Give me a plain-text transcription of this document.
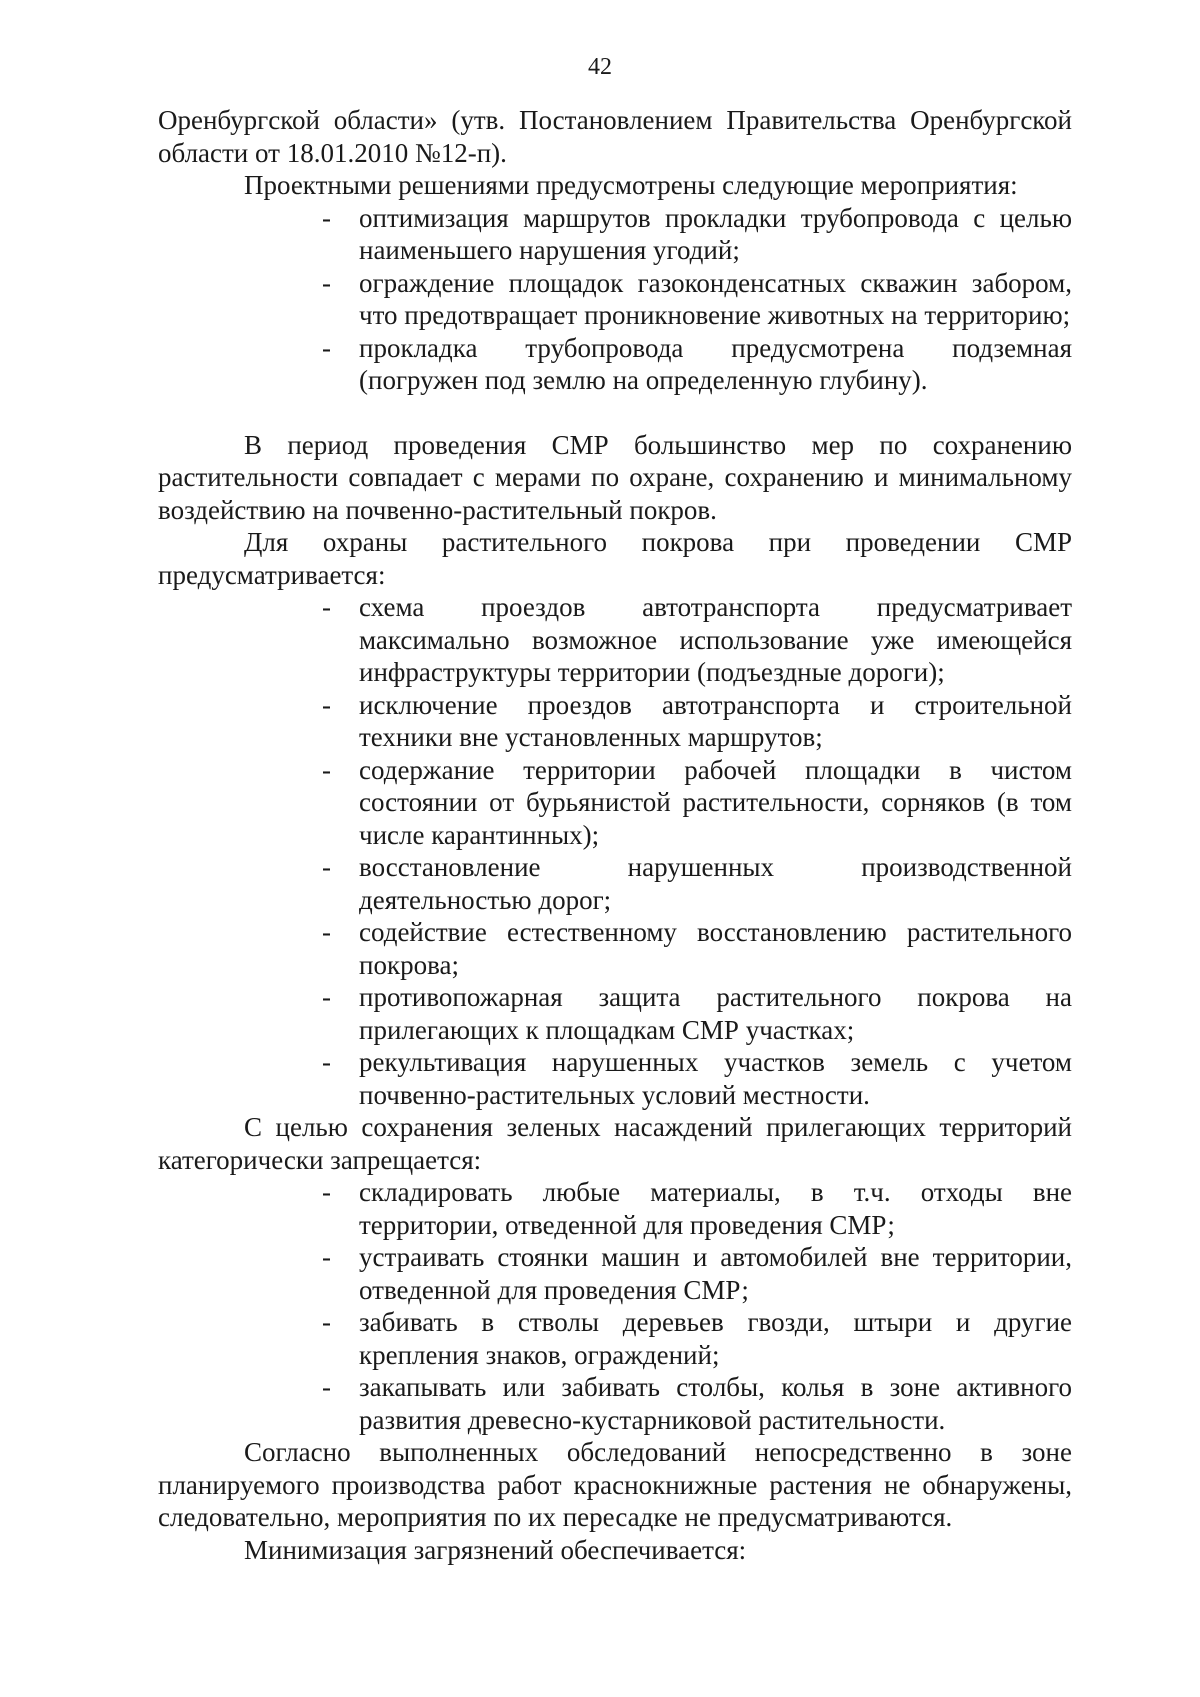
42

Оренбургской области» (утв. Постановлением Правительства Оренбургской области от 18.01.2010 №12-п).

Проектными решениями предусмотрены следующие мероприятия:

- оптимизация маршрутов прокладки трубопровода с целью наименьшего нарушения угодий;
- ограждение площадок газоконденсатных скважин забором, что предотвращает проникновение животных на территорию;
- прокладка трубопровода предусмотрена подземная (погружен под землю на определенную глубину).

В период проведения СМР большинство мер по сохранению растительности совпадает с мерами по охране, сохранению и минимальному воздействию на почвенно-растительный покров.

Для охраны растительного покрова при проведении СМР предусматривается:

- схема проездов автотранспорта предусматривает максимально возможное использование уже имеющейся инфраструктуры территории (подъездные дороги);
- исключение проездов автотранспорта и строительной техники вне установленных маршрутов;
- содержание территории рабочей площадки в чистом состоянии от бурьянистой растительности, сорняков (в том числе карантинных);
- восстановление нарушенных производственной деятельностью дорог;
- содействие естественному восстановлению растительного покрова;
- противопожарная защита растительного покрова на прилегающих к площадкам СМР участках;
- рекультивация нарушенных участков земель с учетом почвенно-растительных условий местности.

С целью сохранения зеленых насаждений прилегающих территорий категорически запрещается:

- складировать любые материалы, в т.ч. отходы вне территории, отведенной для проведения СМР;
- устраивать стоянки машин и автомобилей вне территории, отведенной для проведения СМР;
- забивать в стволы деревьев гвозди, штыри и другие крепления знаков, ограждений;
- закапывать или забивать столбы, колья в зоне активного развития древесно-кустарниковой растительности.

Согласно выполненных обследований непосредственно в зоне планируемого производства работ краснокнижные растения не обнаружены, следовательно, мероприятия по их пересадке не предусматриваются.

Минимизация загрязнений обеспечивается:
